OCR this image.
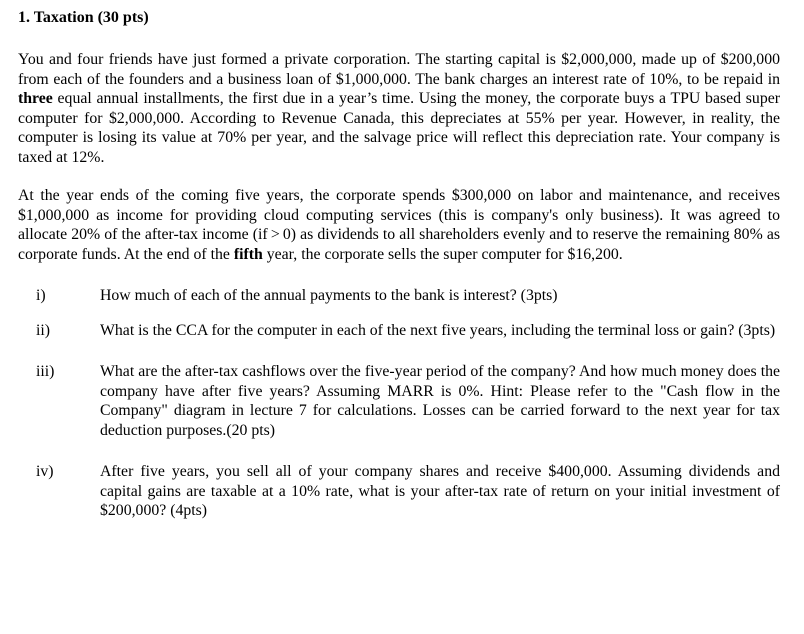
1. Taxation (30 pts)

You and four friends have just formed a private corporation. The starting capital is $2,000,000, made up of $200,000 from each of the founders and a business loan of $1,000,000. The bank charges an interest rate of 10%, to be repaid in three equal annual installments, the first due in a year’s time. Using the money, the corporate buys a TPU based super computer for $2,000,000. According to Revenue Canada, this depreciates at 55% per year. However, in reality, the computer is losing its value at 70% per year, and the salvage price will reflect this depreciation rate. Your company is taxed at 12%.

At the year ends of the coming five years, the corporate spends $300,000 on labor and maintenance, and receives $1,000,000 as income for providing cloud computing services (this is company's only business). It was agreed to allocate 20% of the after-tax income (if > 0) as dividends to all shareholders evenly and to reserve the remaining 80% as corporate funds. At the end of the fifth year, the corporate sells the super computer for $16,200.

i)	How much of each of the annual payments to the bank is interest? (3pts)
ii)	What is the CCA for the computer in each of the next five years, including the terminal loss or gain? (3pts)
iii)	What are the after-tax cashflows over the five-year period of the company? And how much money does the company have after five years? Assuming MARR is 0%. Hint: Please refer to the "Cash flow in the Company" diagram in lecture 7 for calculations. Losses can be carried forward to the next year for tax deduction purposes.(20 pts)
iv)	After five years, you sell all of your company shares and receive $400,000. Assuming dividends and capital gains are taxable at a 10% rate, what is your after-tax rate of return on your initial investment of $200,000? (4pts)
